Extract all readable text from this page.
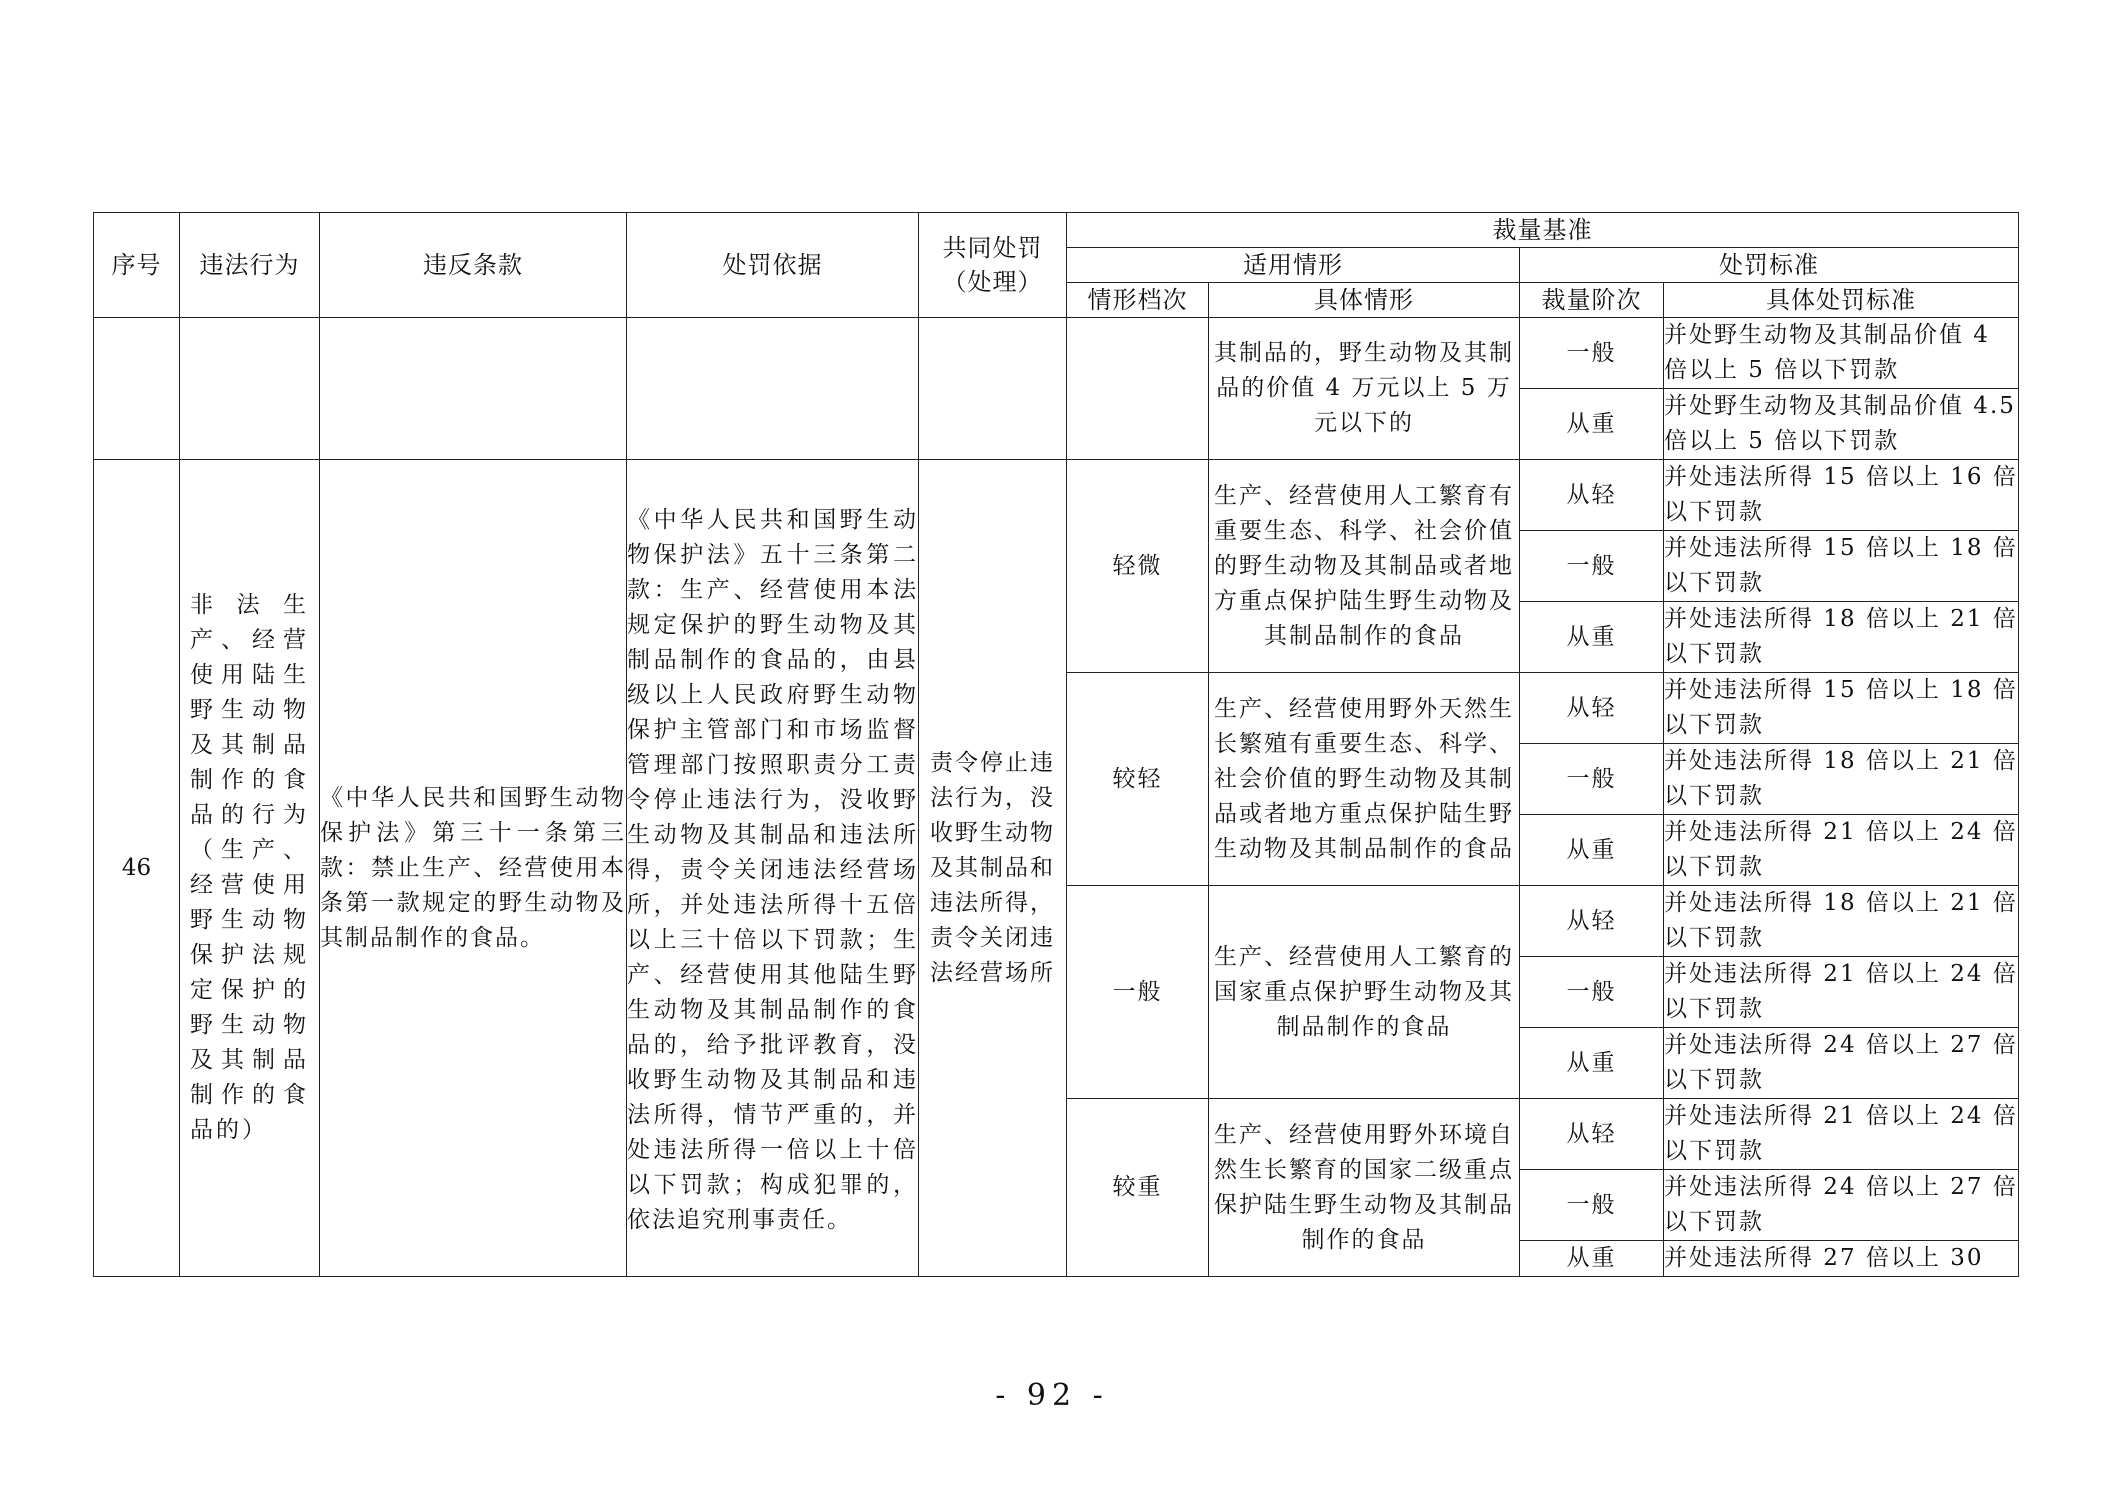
序号	违法行为	违反条款	处罚依据	共同处罚（处理）	裁量基准			
					适用情形		处罚标准	
					情形档次	具体情形	裁量阶次	具体处罚标准
						其制品的，野生动物及其制品的价值 4 万元以上 5 万元以下的	一般	并处野生动物及其制品价值 4 倍以上 5 倍以下罚款
							从重	并处野生动物及其制品价值 4.5 倍以上 5 倍以下罚款
46	非法生产、经营使用陆生野生动物及其制品制作的食品的行为（生产、经营使用野生动物保护法规定保护的野生动物及其制品制作的食品的）	《中华人民共和国野生动物保护法》第三十一条第三款：禁止生产、经营使用本条第一款规定的野生动物及其制品制作的食品。	《中华人民共和国野生动物保护法》五十三条第二款：生产、经营使用本法规定保护的野生动物及其制品制作的食品的，由县级以上人民政府野生动物保护主管部门和市场监督管理部门按照职责分工责令停止违法行为，没收野生动物及其制品和违法所得，责令关闭违法经营场所，并处违法所得十五倍以上三十倍以下罚款；生产、经营使用其他陆生野生动物及其制品制作的食品的，给予批评教育，没收野生动物及其制品和违法所得，情节严重的，并处违法所得一倍以上十倍以下罚款；构成犯罪的，依法追究刑事责任。	责令停止违法行为，没收野生动物及其制品和违法所得，责令关闭违法经营场所	轻微	生产、经营使用人工繁育有重要生态、科学、社会价值的野生动物及其制品或者地方重点保护陆生野生动物及其制品制作的食品	从轻	并处违法所得 15 倍以上 16 倍以下罚款
							一般	并处违法所得 15 倍以上 18 倍以下罚款
							从重	并处违法所得 18 倍以上 21 倍以下罚款
					较轻	生产、经营使用野外天然生长繁殖有重要生态、科学、社会价值的野生动物及其制品或者地方重点保护陆生野生动物及其制品制作的食品	从轻	并处违法所得 15 倍以上 18 倍以下罚款
							一般	并处违法所得 18 倍以上 21 倍以下罚款
							从重	并处违法所得 21 倍以上 24 倍以下罚款
					一般	生产、经营使用人工繁育的国家重点保护野生动物及其制品制作的食品	从轻	并处违法所得 18 倍以上 21 倍以下罚款
							一般	并处违法所得 21 倍以上 24 倍以下罚款
							从重	并处违法所得 24 倍以上 27 倍以下罚款
					较重	生产、经营使用野外环境自然生长繁育的国家二级重点保护陆生野生动物及其制品制作的食品	从轻	并处违法所得 21 倍以上 24 倍以下罚款
							一般	并处违法所得 24 倍以上 27 倍以下罚款
							从重	并处违法所得 27 倍以上 30
- 92 -
